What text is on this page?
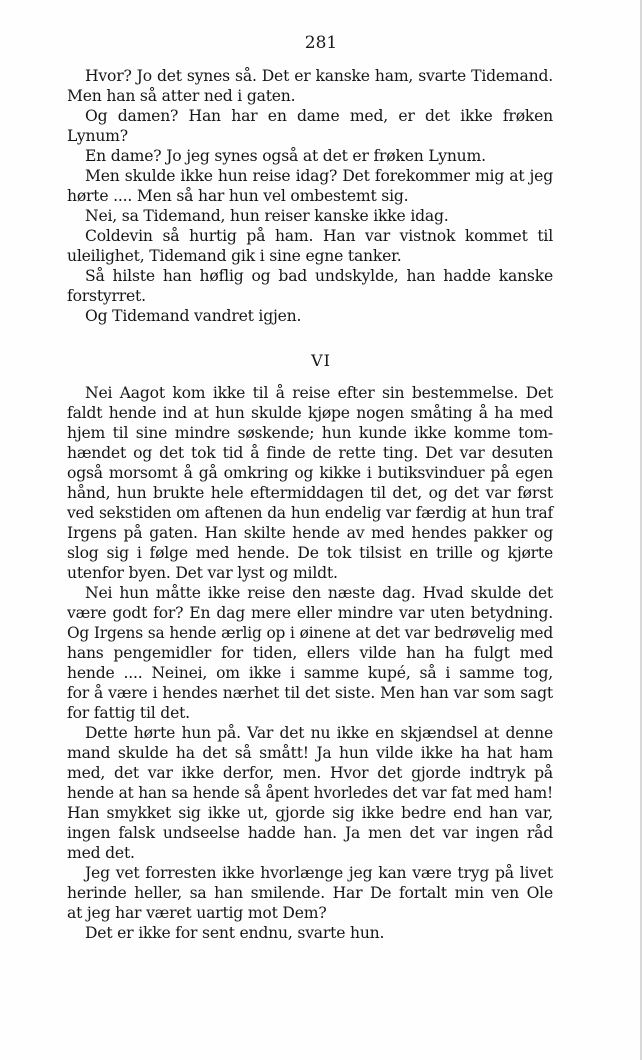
281
Hvor? Jo det synes så. Det er kanske ham, svarte Tidemand.
Men han så atter ned i gaten.
Og damen? Han har en dame med, er det ikke frøken
Lynum?
En dame? Jo jeg synes også at det er frøken Lynum.
Men skulde ikke hun reise idag? Det forekommer mig at jeg
hørte .... Men så har hun vel ombestemt sig.
Nei, sa Tidemand, hun reiser kanske ikke idag.
Coldevin så hurtig på ham. Han var vistnok kommet til
uleilighet, Tidemand gik i sine egne tanker.
Så hilste han høflig og bad undskylde, han hadde kanske
forstyrret.
Og Tidemand vandret igjen.
VI
Nei Aagot kom ikke til å reise efter sin bestemmelse. Det
faldt hende ind at hun skulde kjøpe nogen småting å ha med
hjem til sine mindre søskende; hun kunde ikke komme tom-
hændet og det tok tid å finde de rette ting. Det var desuten
også morsomt å gå omkring og kikke i butiksvinduer på egen
hånd, hun brukte hele eftermiddagen til det, og det var først
ved sekstiden om aftenen da hun endelig var færdig at hun traf
Irgens på gaten. Han skilte hende av med hendes pakker og
slog sig i følge med hende. De tok tilsist en trille og kjørte
utenfor byen. Det var lyst og mildt.
Nei hun måtte ikke reise den næste dag. Hvad skulde det
være godt for? En dag mere eller mindre var uten betydning.
Og Irgens sa hende ærlig op i øinene at det var bedrøvelig med
hans pengemidler for tiden, ellers vilde han ha fulgt med
hende .... Neinei, om ikke i samme kupé, så i samme tog,
for å være i hendes nærhet til det siste. Men han var som sagt
for fattig til det.
Dette hørte hun på. Var det nu ikke en skjændsel at denne
mand skulde ha det så smått! Ja hun vilde ikke ha hat ham
med, det var ikke derfor, men. Hvor det gjorde indtryk på
hende at han sa hende så åpent hvorledes det var fat med ham!
Han smykket sig ikke ut, gjorde sig ikke bedre end han var,
ingen falsk undseelse hadde han. Ja men det var ingen råd
med det.
Jeg vet forresten ikke hvorlænge jeg kan være tryg på livet
herinde heller, sa han smilende. Har De fortalt min ven Ole
at jeg har været uartig mot Dem?
Det er ikke for sent endnu, svarte hun.
